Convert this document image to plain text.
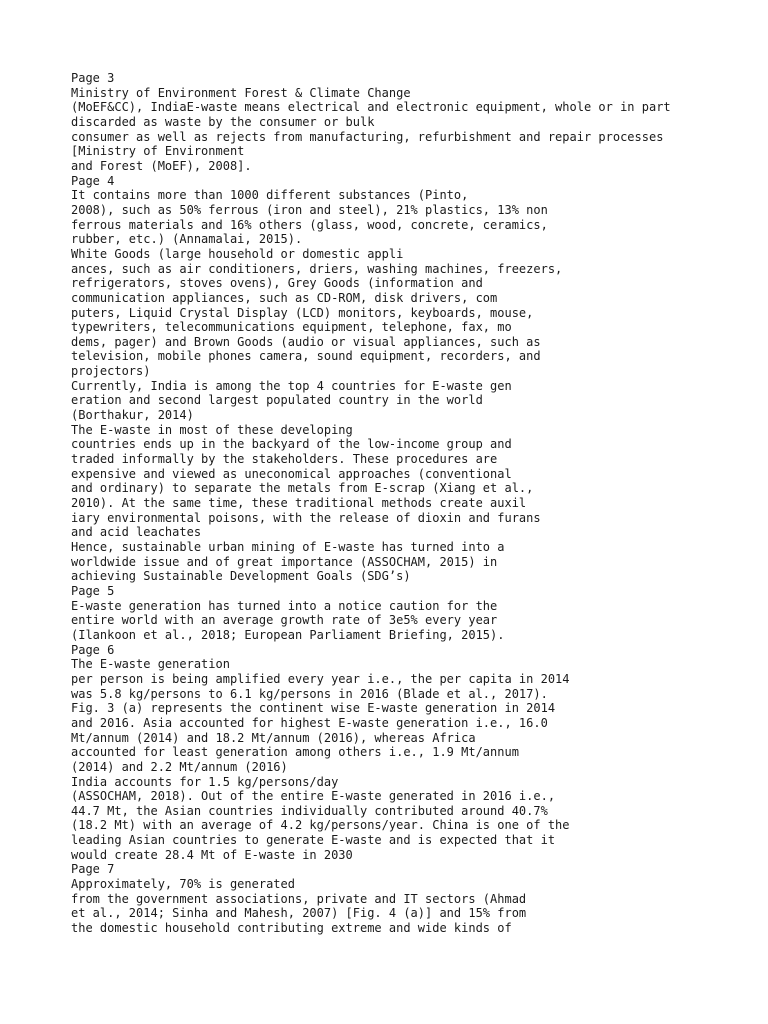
Page 3
Ministry of Environment Forest & Climate Change
(MoEF&CC), IndiaE-waste means electrical and electronic equipment, whole or in part
discarded as waste by the consumer or bulk
consumer as well as rejects from manufacturing, refurbishment and repair processes
[Ministry of Environment
and Forest (MoEF), 2008].
Page 4
It contains more than 1000 different substances (Pinto,
2008), such as 50% ferrous (iron and steel), 21% plastics, 13% non
ferrous materials and 16% others (glass, wood, concrete, ceramics,
rubber, etc.) (Annamalai, 2015).
White Goods (large household or domestic appli
ances, such as air conditioners, driers, washing machines, freezers,
refrigerators, stoves ovens), Grey Goods (information and
communication appliances, such as CD-ROM, disk drivers, com
puters, Liquid Crystal Display (LCD) monitors, keyboards, mouse,
typewriters, telecommunications equipment, telephone, fax, mo
dems, pager) and Brown Goods (audio or visual appliances, such as
television, mobile phones camera, sound equipment, recorders, and
projectors)
Currently, India is among the top 4 countries for E-waste gen
eration and second largest populated country in the world
(Borthakur, 2014)
The E-waste in most of these developing
countries ends up in the backyard of the low-income group and
traded informally by the stakeholders. These procedures are
expensive and viewed as uneconomical approaches (conventional
and ordinary) to separate the metals from E-scrap (Xiang et al.,
2010). At the same time, these traditional methods create auxil
iary environmental poisons, with the release of dioxin and furans
and acid leachates
Hence, sustainable urban mining of E-waste has turned into a
worldwide issue and of great importance (ASSOCHAM, 2015) in
achieving Sustainable Development Goals (SDG’s)
Page 5
E-waste generation has turned into a notice caution for the
entire world with an average growth rate of 3e5% every year
(Ilankoon et al., 2018; European Parliament Briefing, 2015).
Page 6
The E-waste generation
per person is being amplified every year i.e., the per capita in 2014
was 5.8 kg/persons to 6.1 kg/persons in 2016 (Blade et al., 2017).
Fig. 3 (a) represents the continent wise E-waste generation in 2014
and 2016. Asia accounted for highest E-waste generation i.e., 16.0
Mt/annum (2014) and 18.2 Mt/annum (2016), whereas Africa
accounted for least generation among others i.e., 1.9 Mt/annum
(2014) and 2.2 Mt/annum (2016)
India accounts for 1.5 kg/persons/day
(ASSOCHAM, 2018). Out of the entire E-waste generated in 2016 i.e.,
44.7 Mt, the Asian countries individually contributed around 40.7%
(18.2 Mt) with an average of 4.2 kg/persons/year. China is one of the
leading Asian countries to generate E-waste and is expected that it
would create 28.4 Mt of E-waste in 2030
Page 7
Approximately, 70% is generated
from the government associations, private and IT sectors (Ahmad
et al., 2014; Sinha and Mahesh, 2007) [Fig. 4 (a)] and 15% from
the domestic household contributing extreme and wide kinds of
